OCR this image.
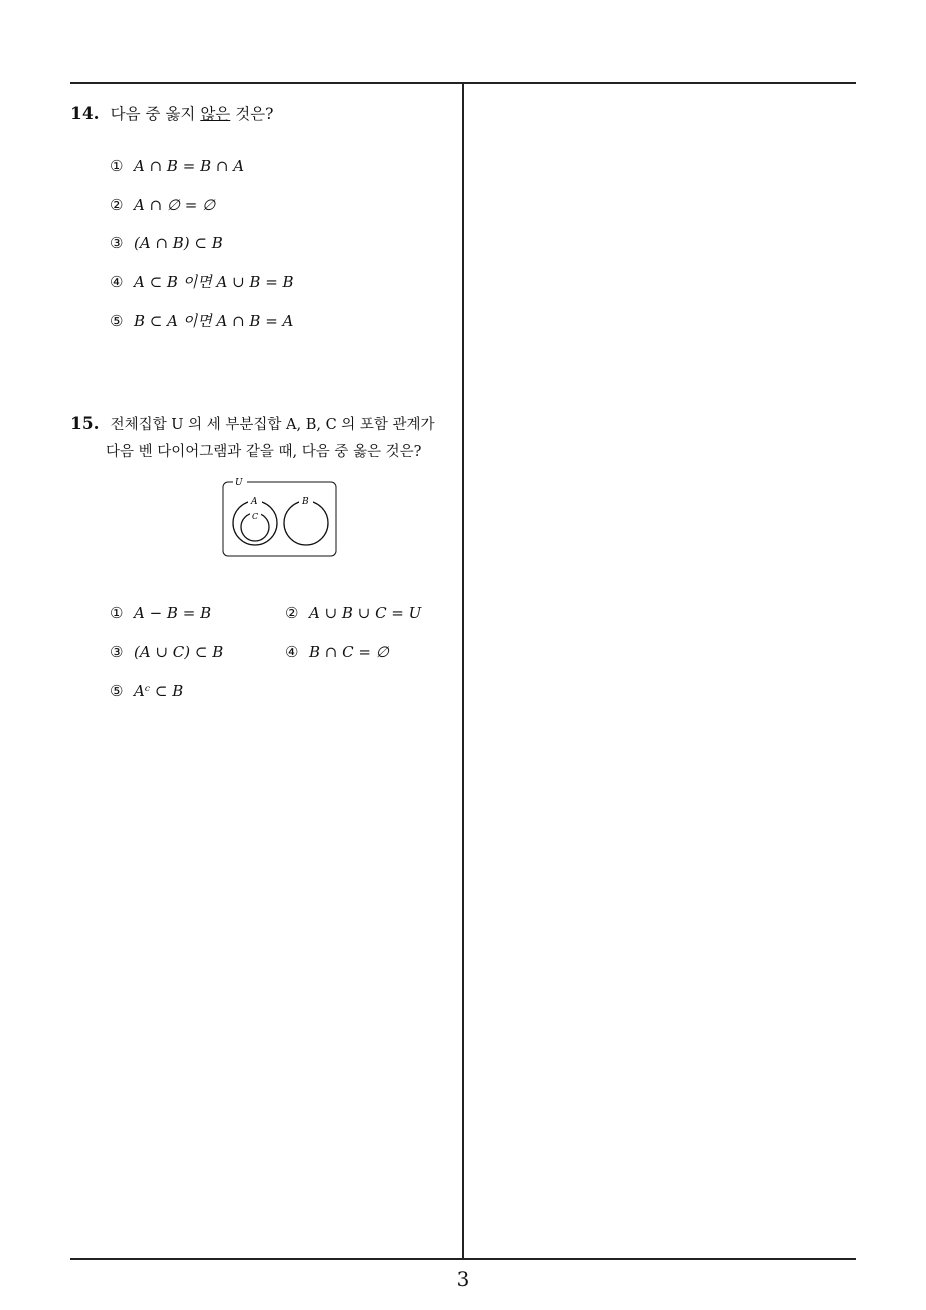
14. 다음 중 옳지 않은 것은?
① A ∩ B = B ∩ A
② A ∩ ∅ = ∅
③ (A ∩ B) ⊂ B
④ A ⊂ B 이면 A ∪ B = B
⑤ B ⊂ A 이면 A ∩ B = A
15. 전체집합 U 의 세 부분집합 A, B, C 의 포함 관계가
다음 벤 다이어그램과 같을 때, 다음 중 옳은 것은?
U
A
C
B
① A − B = B	② A ∪ B ∪ C = U
③ (A ∪ C) ⊂ B	④ B ∩ C = ∅
⑤ Aᶜ ⊂ B
3
